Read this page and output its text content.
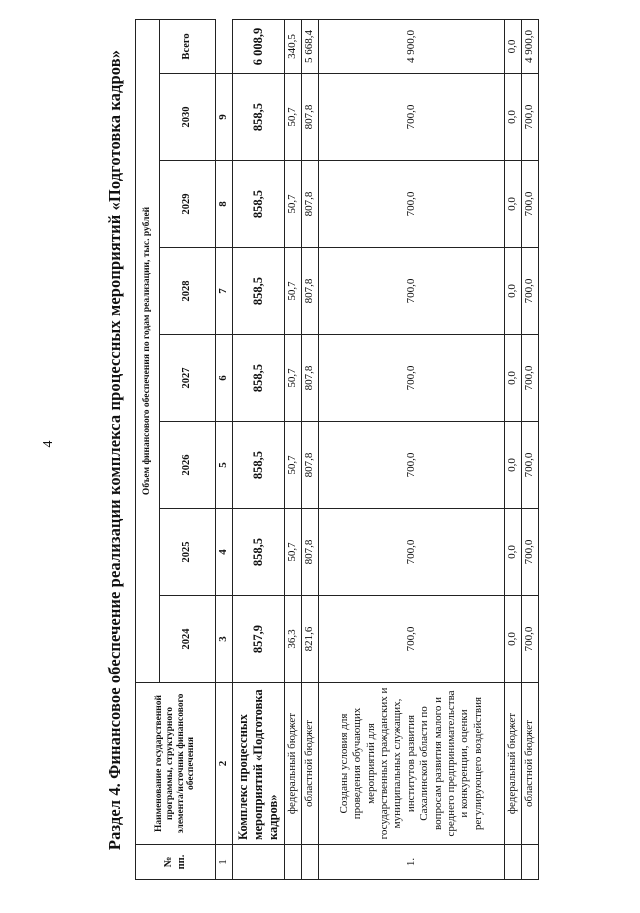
4	Раздел 4. Финансовое обеспечение реализации комплекса процессных мероприятий «Подготовка кадров»
№ пп.	Наименование государственной программы, структурного элемента/источник финансового обеспечения	Объем финансового обеспечения по годам реализации, тыс. рублей							
		2024	2025	2026	2027	2028	2029	2030	Всего
1	2	3	4	5	6	7	8	9	
	Комплекс процессных мероприятий «Подготовка кадров»	857,9	858,5	858,5	858,5	858,5	858,5	858,5	6 008,9
	федеральный бюджет	36,3	50,7	50,7	50,7	50,7	50,7	50,7	340,5
	областной бюджет	821,6	807,8	807,8	807,8	807,8	807,8	807,8	5 668,4
1.	Созданы условия для проведения обучающих мероприятий для государственных гражданских и муниципальных служащих, институтов развития Сахалинской области по вопросам развития малого и среднего предпринимательства и конкуренции, оценки регулирующего воздействия	700,0	700,0	700,0	700,0	700,0	700,0	700,0	4 900,0
	федеральный бюджет	0,0	0,0	0,0	0,0	0,0	0,0	0,0	0,0
	областной бюджет	700,0	700,0	700,0	700,0	700,0	700,0	700,0	4 900,0
